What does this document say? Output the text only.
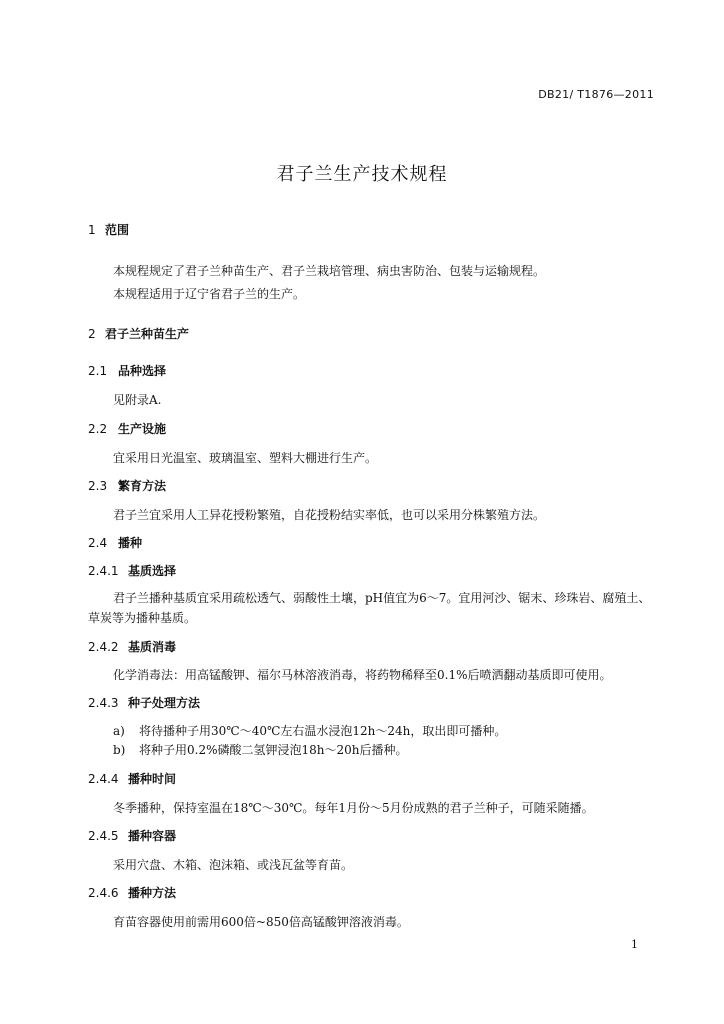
DB21/ T1876—2011
君子兰生产技术规程
1 范围
本规程规定了君子兰种苗生产、君子兰栽培管理、病虫害防治、包装与运输规程。
本规程适用于辽宁省君子兰的生产。
2 君子兰种苗生产
2.1 品种选择
见附录A.
2.2 生产设施
宜采用日光温室、玻璃温室、塑料大棚进行生产。
2.3 繁育方法
君子兰宜采用人工异花授粉繁殖，自花授粉结实率低，也可以采用分株繁殖方法。
2.4 播种
2.4.1 基质选择
君子兰播种基质宜采用疏松透气、弱酸性土壤，pH值宜为6～7。宜用河沙、锯末、珍珠岩、腐殖土、草炭等为播种基质。
2.4.2 基质消毒
化学消毒法：用高锰酸钾、福尔马林溶液消毒，将药物稀释至0.1%后喷洒翻动基质即可使用。
2.4.3 种子处理方法
a) 将待播种子用30℃～40℃左右温水浸泡12h～24h，取出即可播种。
b) 将种子用0.2%磷酸二氢钾浸泡18h～20h后播种。
2.4.4 播种时间
冬季播种，保持室温在18℃～30℃。每年1月份～5月份成熟的君子兰种子，可随采随播。
2.4.5 播种容器
采用穴盘、木箱、泡沫箱、或浅瓦盆等育苗。
2.4.6 播种方法
育苗容器使用前需用600倍~850倍高锰酸钾溶液消毒。
1
